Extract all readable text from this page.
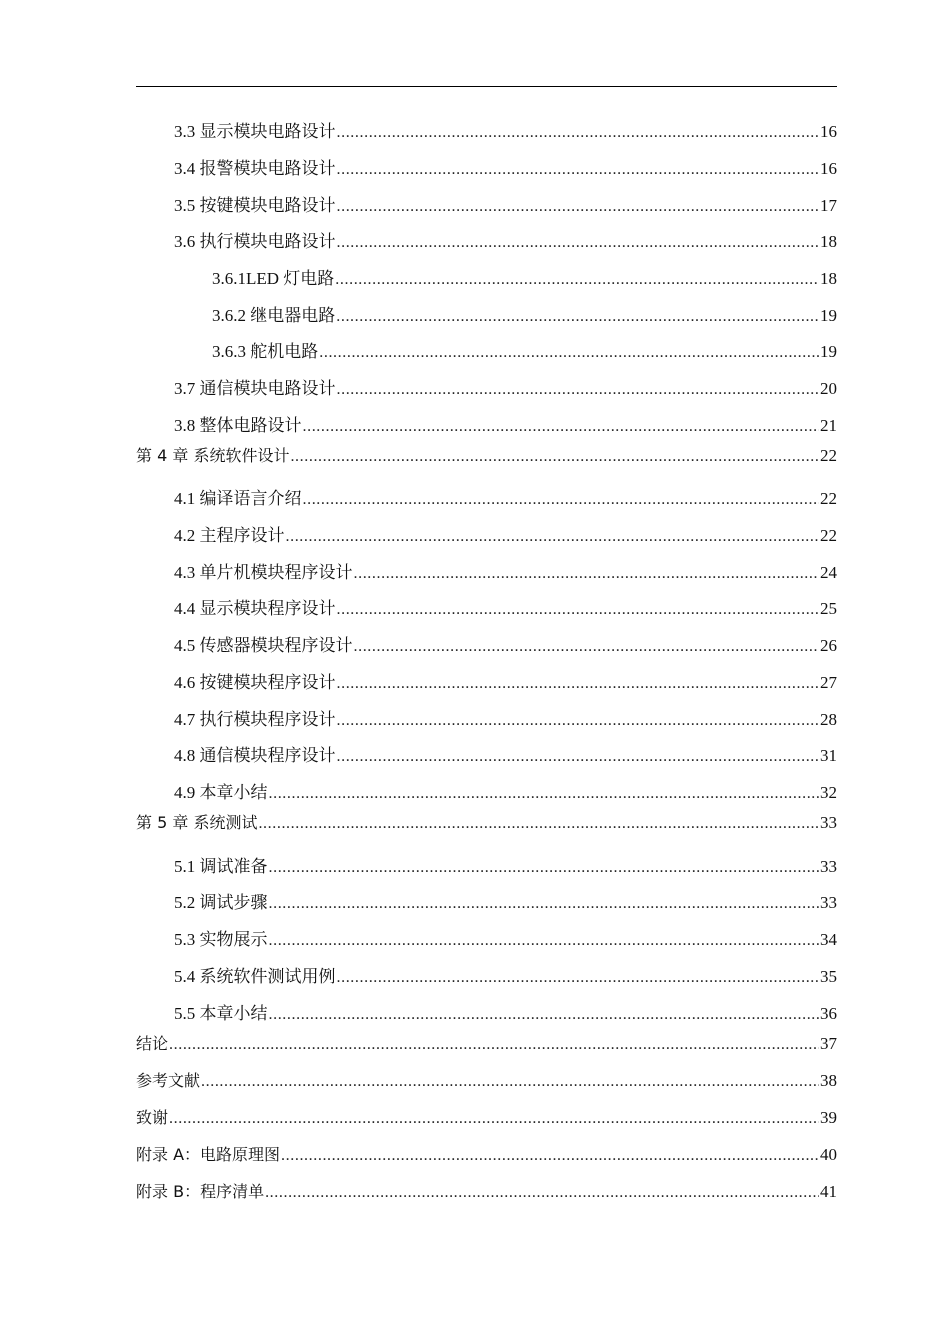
3.3 显示模块电路设计 .....	16
3.4 报警模块电路设计 .....	16
3.5 按键模块电路设计 .....	17
3.6 执行模块电路设计 .....	18
3.6.1LED 灯电路 .....	18
3.6.2 继电器电路 .....	19
3.6.3 舵机电路 .....	19
3.7 通信模块电路设计 .....	20
3.8 整体电路设计 .....	21
第 4 章 系统软件设计 .....	22
4.1 编译语言介绍 .....	22
4.2 主程序设计 .....	22
4.3 单片机模块程序设计 .....	24
4.4 显示模块程序设计 .....	25
4.5 传感器模块程序设计 .....	26
4.6 按键模块程序设计 .....	27
4.7 执行模块程序设计 .....	28
4.8 通信模块程序设计 .....	31
4.9 本章小结 .....	32
第 5 章 系统测试 .....	33
5.1 调试准备 .....	33
5.2 调试步骤 .....	33
5.3 实物展示 .....	34
5.4 系统软件测试用例 .....	35
5.5 本章小结 .....	36
结论 .....	37
参考文献 .....	38
致谢 .....	39
附录 A：电路原理图 .....	40
附录 B：程序清单 .....	41
